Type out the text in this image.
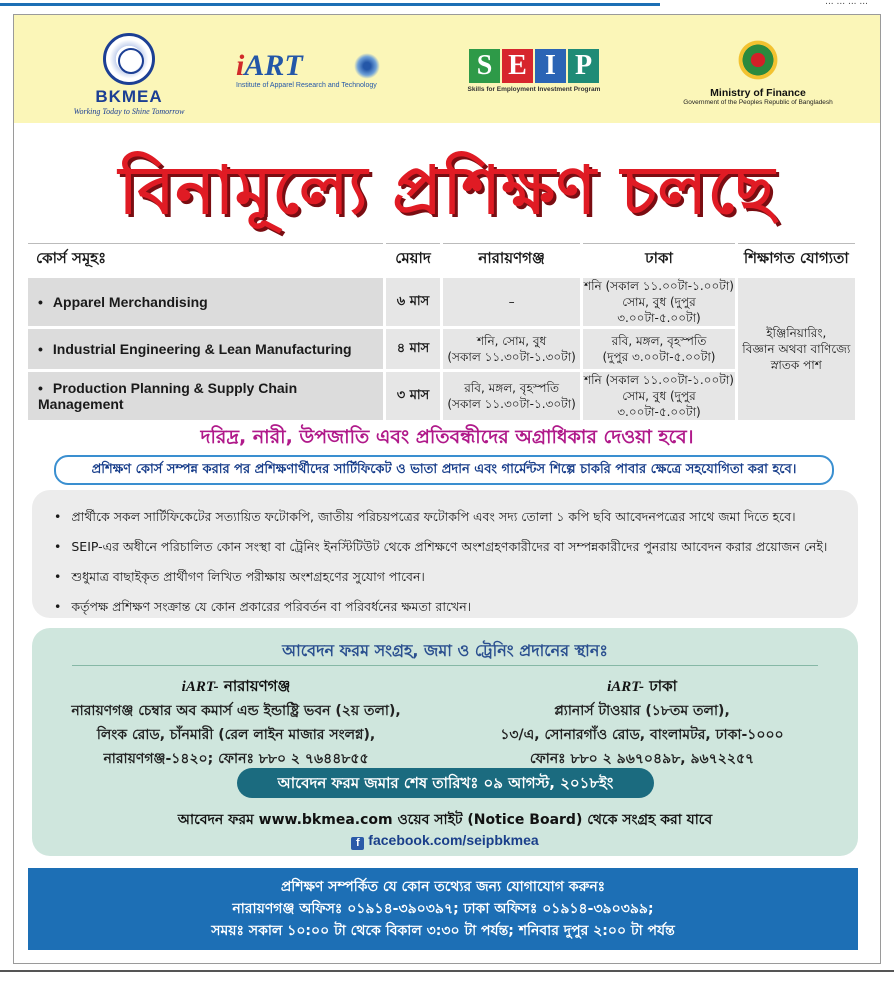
... ... ... ...
BKMEA
Working Today to Shine Tomorrow
iART
Institute of Apparel Research and Technology
S E I P
Skills for Employment Investment Program	Ministry of Finance
Government of the Peoples Republic of Bangladesh
বিনামূল্যে প্রশিক্ষণ চলছে
কোর্স সমূহঃ	মেয়াদ	নারায়ণগঞ্জ	ঢাকা	শিক্ষাগত যোগ্যতা
• Apparel Merchandising	৬ মাস	–	শনি (সকাল ১১.০০টা-১.০০টা)
সোম, বুধ (দুপুর ৩.০০টা-৫.০০টা)	ইঞ্জিনিয়ারিং,
বিজ্ঞান অথবা বাণিজ্যে
স্নাতক পাশ
• Industrial Engineering & Lean Manufacturing	৪ মাস	শনি, সোম, বুধ
(সকাল ১১.৩০টা-১.৩০টা)	রবি, মঙ্গল, বৃহস্পতি
(দুপুর ৩.০০টা-৫.০০টা)	
• Production Planning & Supply Chain Management	৩ মাস	রবি, মঙ্গল, বৃহস্পতি
(সকাল ১১.৩০টা-১.৩০টা)	শনি (সকাল ১১.০০টা-১.০০টা)
সোম, বুধ (দুপুর ৩.০০টা-৫.০০টা)	
দরিদ্র, নারী, উপজাতি এবং প্রতিবন্ধীদের অগ্রাধিকার দেওয়া হবে।
প্রশিক্ষণ কোর্স সম্পন্ন করার পর প্রশিক্ষণার্থীদের সার্টিফিকেট ও ভাতা প্রদান এবং গার্মেন্টস শিল্পে চাকরি পাবার ক্ষেত্রে সহযোগিতা করা হবে।
• প্রার্থীকে সকল সার্টিফিকেটের সত্যায়িত ফটোকপি, জাতীয় পরিচয়পত্রের ফটোকপি এবং সদ্য তোলা ১ কপি ছবি আবেদনপত্রের সাথে জমা দিতে হবে।
• SEIP-এর অধীনে পরিচালিত কোন সংস্থা বা ট্রেনিং ইনস্টিটিউট থেকে প্রশিক্ষণে অংশগ্রহণকারীদের বা সম্পন্নকারীদের পুনরায় আবেদন করার প্রয়োজন নেই।
• শুধুমাত্র বাছাইকৃত প্রার্থীগণ লিখিত পরীক্ষায় অংশগ্রহণের সুযোগ পাবেন।
• কর্তৃপক্ষ প্রশিক্ষণ সংক্রান্ত যে কোন প্রকারের পরিবর্তন বা পরিবর্ধনের ক্ষমতা রাখেন।
আবেদন ফরম সংগ্রহ, জমা ও ট্রেনিং প্রদানের স্থানঃ
iART- নারায়ণগঞ্জ
নারায়ণগঞ্জ চেম্বার অব কমার্স এন্ড ইন্ডাষ্ট্রি ভবন (২য় তলা),
লিংক রোড, চাঁনমারী (রেল লাইন মাজার সংলগ্ন),
নারায়ণগঞ্জ-১৪২০; ফোনঃ ৮৮০ ২ ৭৬৪৪৮৫৫
iART- ঢাকা
প্ল্যানার্স টাওয়ার (১৮তম তলা),
১৩/এ, সোনারগাঁও রোড, বাংলামটর, ঢাকা-১০০০
ফোনঃ ৮৮০ ২ ৯৬৭০৪৯৮, ৯৬৭২২৫৭
আবেদন ফরম জমার শেষ তারিখঃ ০৯ আগস্ট, ২০১৮ইং
আবেদন ফরম www.bkmea.com ওয়েব সাইট (Notice Board) থেকে সংগ্রহ করা যাবে
f facebook.com/seipbkmea
প্রশিক্ষণ সম্পর্কিত যে কোন তথ্যের জন্য যোগাযোগ করুনঃ
নারায়ণগঞ্জ অফিসঃ ০১৯১৪-৩৯০৩৯৭; ঢাকা অফিসঃ ০১৯১৪-৩৯০৩৯৯;
সময়ঃ সকাল ১০:০০ টা থেকে বিকাল ৩:৩০ টা পর্যন্ত; শনিবার দুপুর ২:০০ টা পর্যন্ত
